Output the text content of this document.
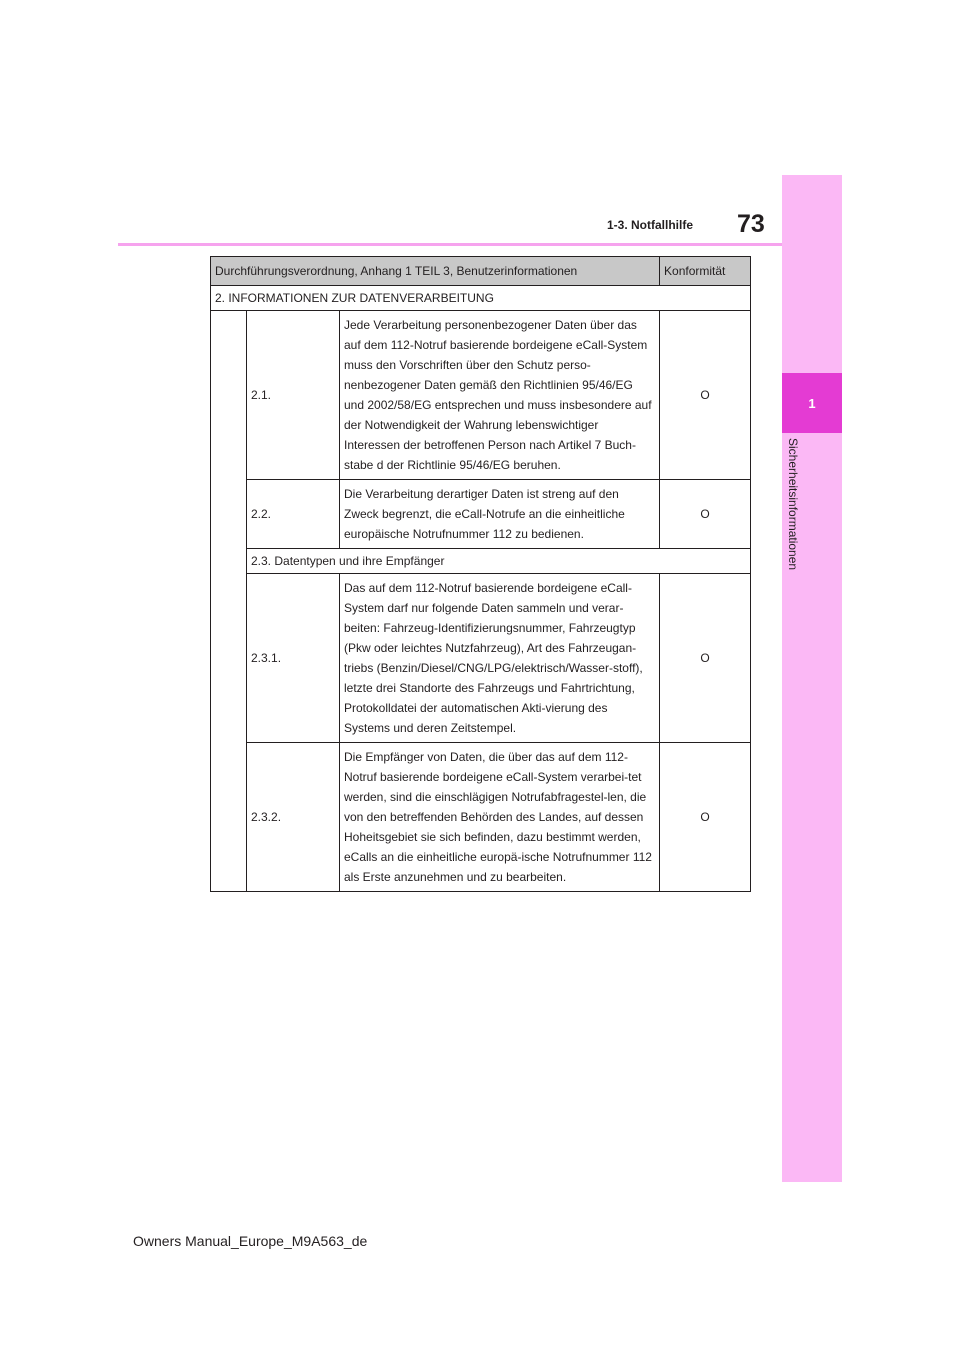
1
Sicherheitsinformationen
73
1-3. Notfallhilfe
Durchführungsverordnung, Anhang 1 TEIL 3, Benutzerinformationen			Konformität
2. INFORMATIONEN ZUR DATENVERARBEITUNG			
	2.1.	Jede Verarbeitung personenbezogener Daten über das auf dem 112-Notruf basierende bordeigene eCall-System muss den Vorschriften über den Schutz perso-nenbezogener Daten gemäß den Richtlinien 95/46/EG und 2002/58/EG entsprechen und muss insbesondere auf der Notwendigkeit der Wahrung lebenswichtiger Interessen der betroffenen Person nach Artikel 7 Buch-stabe d der Richtlinie 95/46/EG beruhen.	O
	2.2.	Die Verarbeitung derartiger Daten ist streng auf den Zweck begrenzt, die eCall-Notrufe an die einheitliche europäische Notrufnummer 112 zu bedienen.	O
	2.3. Datentypen und ihre Empfänger		
	2.3.1.	Das auf dem 112-Notruf basierende bordeigene eCall-System darf nur folgende Daten sammeln und verar-beiten: Fahrzeug-Identifizierungsnummer, Fahrzeugtyp (Pkw oder leichtes Nutzfahrzeug), Art des Fahrzeugan-triebs (Benzin/Diesel/CNG/LPG/elektrisch/Wasser-stoff), letzte drei Standorte des Fahrzeugs und Fahrtrichtung, Protokolldatei der automatischen Akti-vierung des Systems und deren Zeitstempel.	O
	2.3.2.	Die Empfänger von Daten, die über das auf dem 112-Notruf basierende bordeigene eCall-System verarbei-tet werden, sind die einschlägigen Notrufabfragestel-len, die von den betreffenden Behörden des Landes, auf dessen Hoheitsgebiet sie sich befinden, dazu bestimmt werden, eCalls an die einheitliche europä-ische Notrufnummer 112 als Erste anzunehmen und zu bearbeiten.	O
Owners Manual_Europe_M9A563_de
